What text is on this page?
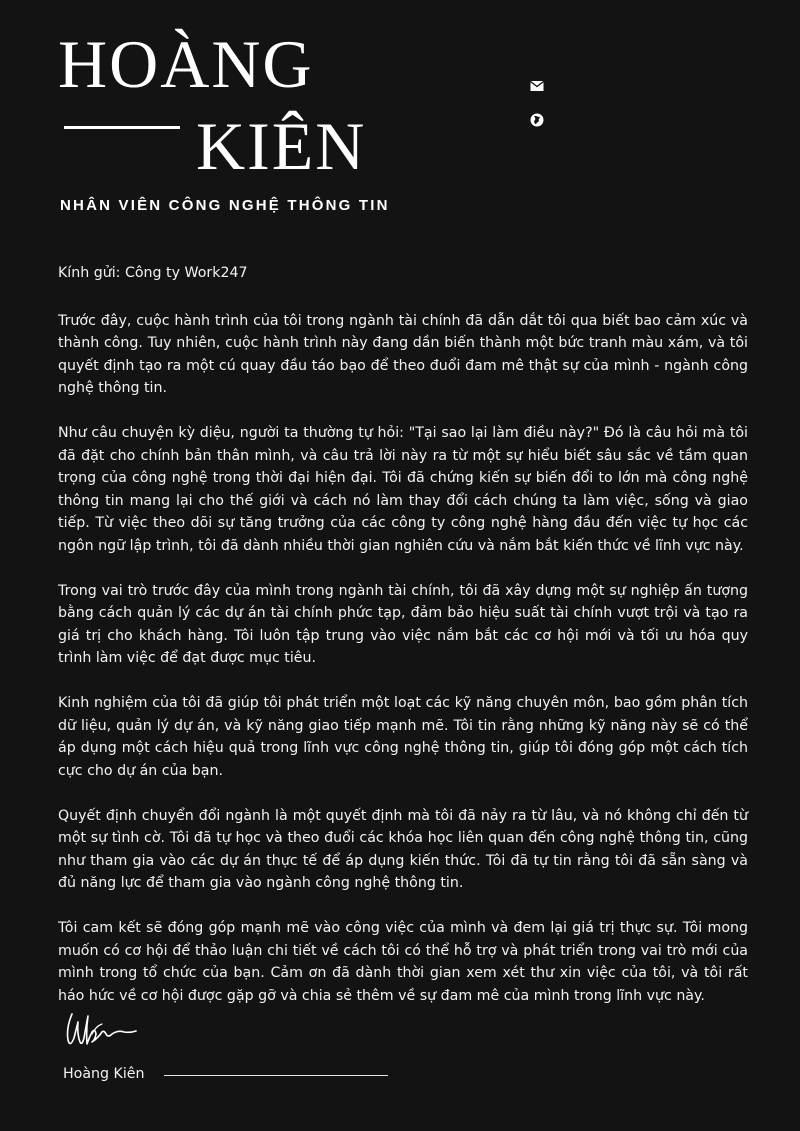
HOÀNG
KIÊN
NHÂN VIÊN CÔNG NGHỆ THÔNG TIN

Kính gửi: Công ty Work247

Trước đây, cuộc hành trình của tôi trong ngành tài chính đã dẫn dắt tôi qua biết bao cảm xúc và thành công. Tuy nhiên, cuộc hành trình này đang dần biến thành một bức tranh màu xám, và tôi quyết định tạo ra một cú quay đầu táo bạo để theo đuổi đam mê thật sự của mình - ngành công nghệ thông tin.

Như câu chuyện kỳ diệu, người ta thường tự hỏi: "Tại sao lại làm điều này?" Đó là câu hỏi mà tôi đã đặt cho chính bản thân mình, và câu trả lời này ra từ một sự hiểu biết sâu sắc về tầm quan trọng của công nghệ trong thời đại hiện đại. Tôi đã chứng kiến sự biến đổi to lớn mà công nghệ thông tin mang lại cho thế giới và cách nó làm thay đổi cách chúng ta làm việc, sống và giao tiếp. Từ việc theo dõi sự tăng trưởng của các công ty công nghệ hàng đầu đến việc tự học các ngôn ngữ lập trình, tôi đã dành nhiều thời gian nghiên cứu và nắm bắt kiến thức về lĩnh vực này.

Trong vai trò trước đây của mình trong ngành tài chính, tôi đã xây dựng một sự nghiệp ấn tượng bằng cách quản lý các dự án tài chính phức tạp, đảm bảo hiệu suất tài chính vượt trội và tạo ra giá trị cho khách hàng. Tôi luôn tập trung vào việc nắm bắt các cơ hội mới và tối ưu hóa quy trình làm việc để đạt được mục tiêu.

Kinh nghiệm của tôi đã giúp tôi phát triển một loạt các kỹ năng chuyên môn, bao gồm phân tích dữ liệu, quản lý dự án, và kỹ năng giao tiếp mạnh mẽ. Tôi tin rằng những kỹ năng này sẽ có thể áp dụng một cách hiệu quả trong lĩnh vực công nghệ thông tin, giúp tôi đóng góp một cách tích cực cho dự án của bạn.

Quyết định chuyển đổi ngành là một quyết định mà tôi đã nảy ra từ lâu, và nó không chỉ đến từ một sự tình cờ. Tôi đã tự học và theo đuổi các khóa học liên quan đến công nghệ thông tin, cũng như tham gia vào các dự án thực tế để áp dụng kiến thức. Tôi đã tự tin rằng tôi đã sẵn sàng và đủ năng lực để tham gia vào ngành công nghệ thông tin.

Tôi cam kết sẽ đóng góp mạnh mẽ vào công việc của mình và đem lại giá trị thực sự. Tôi mong muốn có cơ hội để thảo luận chi tiết về cách tôi có thể hỗ trợ và phát triển trong vai trò mới của mình trong tổ chức của bạn. Cảm ơn đã dành thời gian xem xét thư xin việc của tôi, và tôi rất háo hức về cơ hội được gặp gỡ và chia sẻ thêm về sự đam mê của mình trong lĩnh vực này.

Hoàng Kiên
